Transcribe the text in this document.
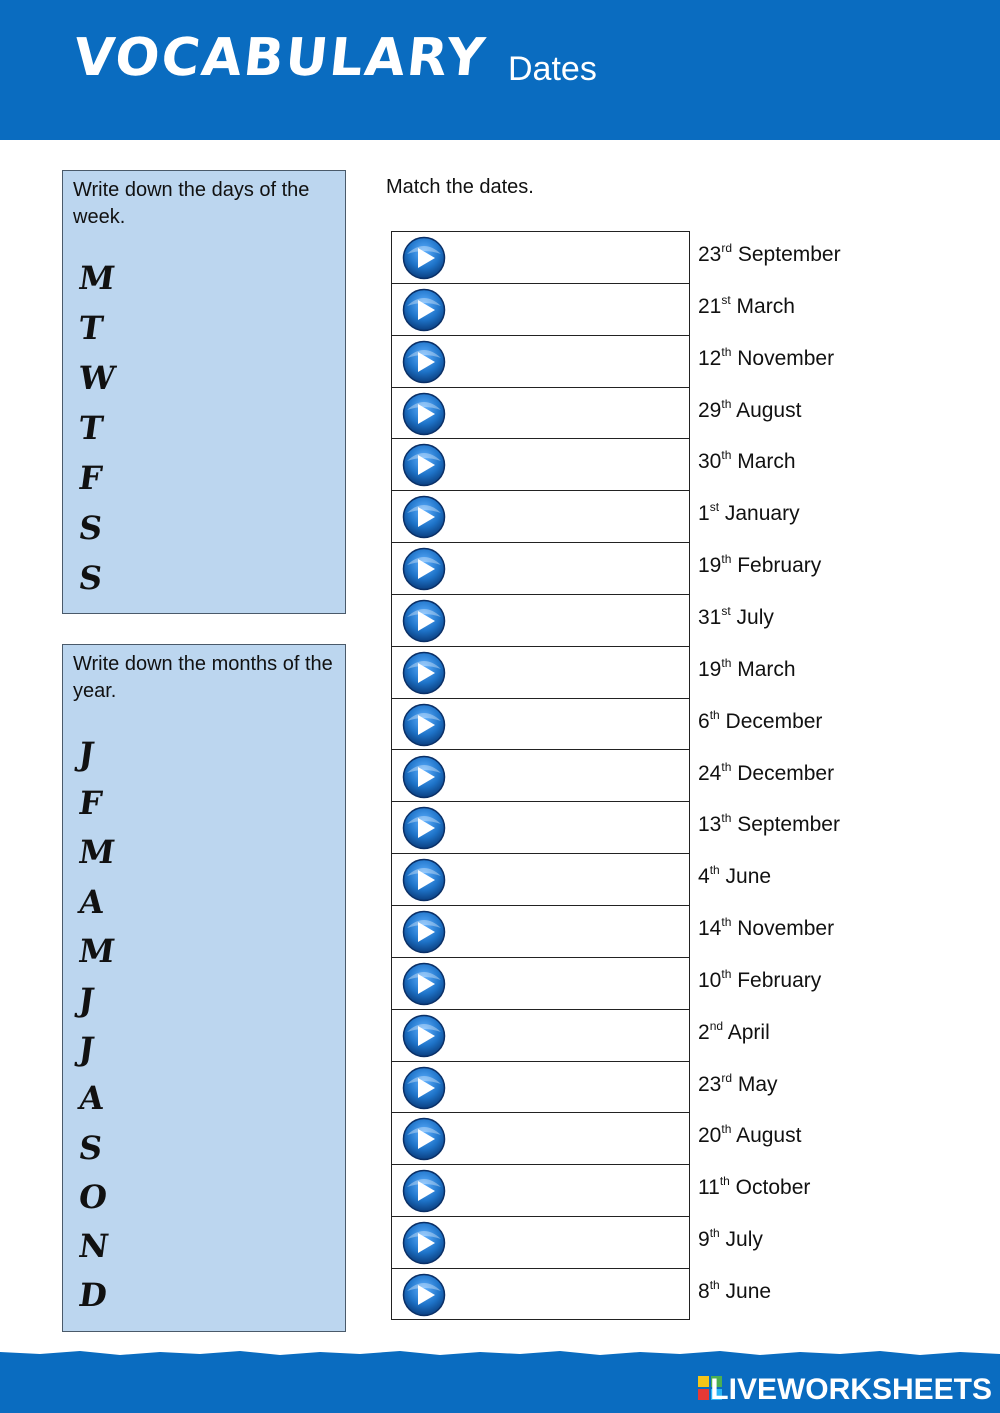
VOCABULARY Dates
Write down the days of the week.
M
T
W
T
F
S
S
Write down the months of the year.
J
F
M
A
M
J
J
A
S
O
N
D
Match the dates.
23rd September
21st March
12th November
29th August
30th March
1st January
19th February
31st July
19th March
6th December
24th December
13th September
4th June
14th November
10th February
2nd April
23rd May
20th August
11th October
9th July
8th June
LIVEWORKSHEETS
